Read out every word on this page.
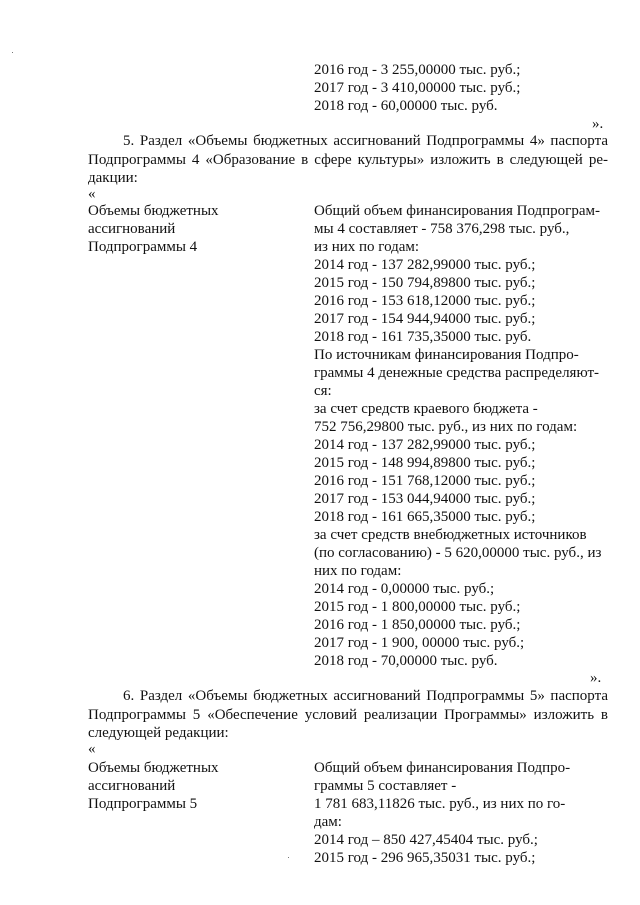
2016 год - 3 255,00000 тыс. руб.;
2017 год - 3 410,00000 тыс. руб.;
2018 год - 60,00000 тыс. руб.
».
5. Раздел «Объемы бюджетных ассигнований Подпрограммы 4» паспорта
Подпрограммы 4 «Образование в сфере культуры» изложить в следующей ре-
дакции:
«
Объемы бюджетных
ассигнований
Подпрограммы 4
Общий объем финансирования Подпрограм-
мы 4 составляет - 758 376,298 тыс. руб.,
из них по годам:
2014 год - 137 282,99000 тыс. руб.;
2015 год - 150 794,89800 тыс. руб.;
2016 год - 153 618,12000 тыс. руб.;
2017 год - 154 944,94000 тыс. руб.;
2018 год - 161 735,35000 тыс. руб.
По источникам финансирования Подпро-
граммы 4 денежные средства распределяют-
ся:
за счет средств краевого бюджета -
752 756,29800 тыс. руб., из них по годам:
2014 год - 137 282,99000 тыс. руб.;
2015 год - 148 994,89800 тыс. руб.;
2016 год - 151 768,12000 тыс. руб.;
2017 год - 153 044,94000 тыс. руб.;
2018 год - 161 665,35000 тыс. руб.;
за счет средств внебюджетных источников
(по согласованию) - 5 620,00000 тыс. руб., из
них по годам:
2014 год - 0,00000 тыс. руб.;
2015 год - 1 800,00000 тыс. руб.;
2016 год - 1 850,00000 тыс. руб.;
2017 год - 1 900, 00000 тыс. руб.;
2018 год - 70,00000 тыс. руб.
».
6. Раздел «Объемы бюджетных ассигнований Подпрограммы 5» паспорта
Подпрограммы 5 «Обеспечение условий реализации Программы» изложить в
следующей редакции:
«
Объемы бюджетных
ассигнований
Подпрограммы 5
Общий объем финансирования Подпро-
граммы 5 составляет -
1 781 683,11826 тыс. руб., из них по го-
дам:
2014 год – 850 427,45404 тыс. руб.;
2015 год - 296 965,35031 тыс. руб.;
